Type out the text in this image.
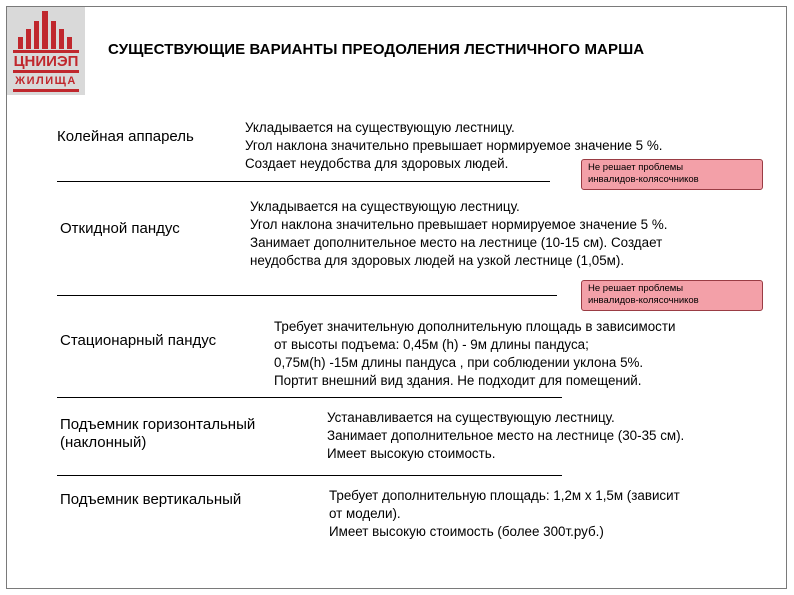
ЦНИИЭП
ЖИЛИЩА
СУЩЕСТВУЮЩИЕ ВАРИАНТЫ ПРЕОДОЛЕНИЯ ЛЕСТНИЧНОГО МАРША
Колейная аппарель
Укладывается на существующую лестницу.
Угол наклона значительно превышает нормируемое значение 5 %.
Создает неудобства для здоровых людей.	Не решает проблемы
инвалидов-колясочников
Откидной пандус
Укладывается на существующую лестницу.
Угол наклона значительно превышает нормируемое значение 5 %.
Занимает дополнительное место на лестнице (10-15 см). Создает
неудобства для здоровых людей на узкой лестнице (1,05м).
Не решает проблемы
инвалидов-колясочников
Стационарный пандус
Требует значительную дополнительную площадь в зависимости
от высоты подъема: 0,45м (h) - 9м длины пандуса;
0,75м(h) -15м длины пандуса , при соблюдении уклона 5%.
Портит внешний вид здания. Не подходит для помещений.
Подъемник горизонтальный
(наклонный)
Устанавливается на существующую лестницу.
Занимает дополнительное место на лестнице (30-35 см).
Имеет высокую стоимость.
Подъемник вертикальный	Требует дополнительную площадь: 1,2м х 1,5м (зависит
от модели).
Имеет высокую стоимость (более 300т.руб.)
